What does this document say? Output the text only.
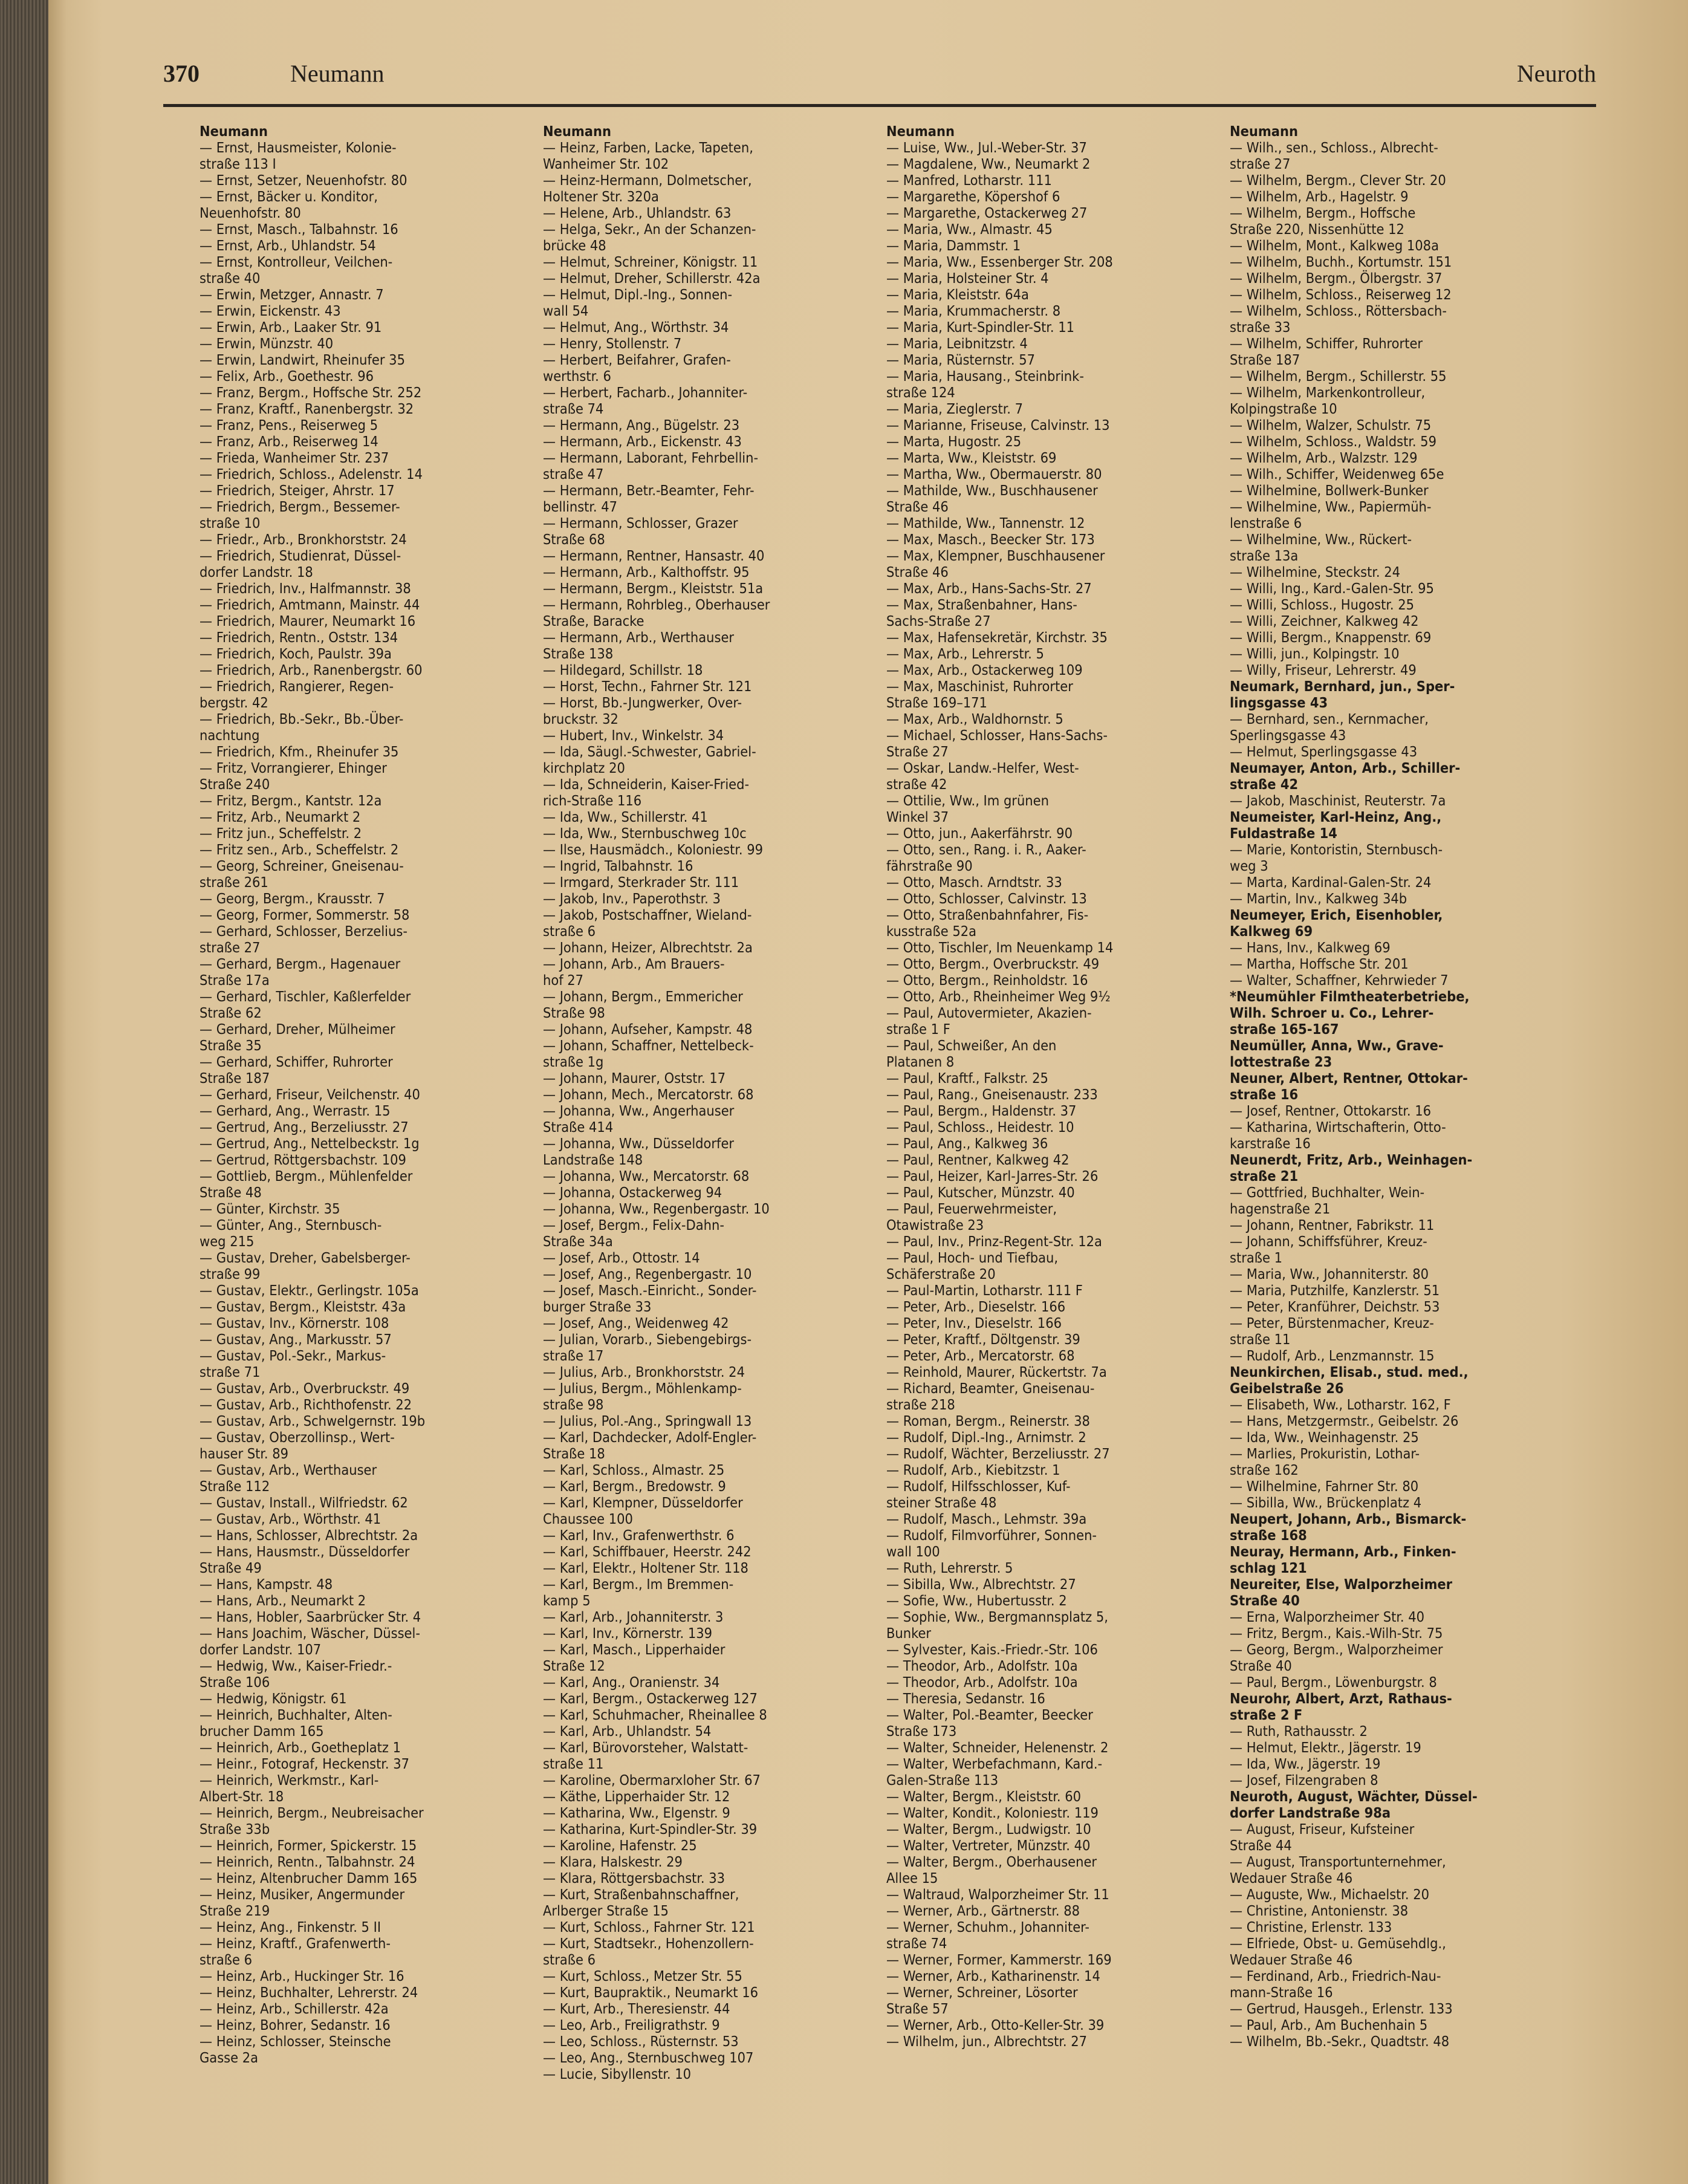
370	Neumann	Neuroth

Neumann

— Ernst, Hausmeister, Kolonie-
straße 113 I

— Ernst, Setzer, Neuenhofstr. 80

— Ernst, Bäcker u. Konditor,
Neuenhofstr. 80

— Ernst, Masch., Talbahnstr. 16

— Ernst, Arb., Uhlandstr. 54

— Ernst, Kontrolleur, Veilchen-
straße 40

— Erwin, Metzger, Annastr. 7

— Erwin, Eickenstr. 43

— Erwin, Arb., Laaker Str. 91

— Erwin, Münzstr. 40

— Erwin, Landwirt, Rheinufer 35

— Felix, Arb., Goethestr. 96

— Franz, Bergm., Hoffsche Str. 252

— Franz, Kraftf., Ranenbergstr. 32

— Franz, Pens., Reiserweg 5

— Franz, Arb., Reiserweg 14

— Frieda, Wanheimer Str. 237

— Friedrich, Schloss., Adelenstr. 14

— Friedrich, Steiger, Ahrstr. 17

— Friedrich, Bergm., Bessemer-
straße 10

— Friedr., Arb., Bronkhorststr. 24

— Friedrich, Studienrat, Düssel-
dorfer Landstr. 18

— Friedrich, Inv., Halfmannstr. 38

— Friedrich, Amtmann, Mainstr. 44

— Friedrich, Maurer, Neumarkt 16

— Friedrich, Rentn., Oststr. 134

— Friedrich, Koch, Paulstr. 39a

— Friedrich, Arb., Ranenbergstr. 60

— Friedrich, Rangierer, Regen-
bergstr. 42

— Friedrich, Bb.-Sekr., Bb.-Über-
nachtung

— Friedrich, Kfm., Rheinufer 35

— Fritz, Vorrangierer, Ehinger
Straße 240

— Fritz, Bergm., Kantstr. 12a

— Fritz, Arb., Neumarkt 2

— Fritz jun., Scheffelstr. 2

— Fritz sen., Arb., Scheffelstr. 2

— Georg, Schreiner, Gneisenau-
straße 261

— Georg, Bergm., Krausstr. 7

— Georg, Former, Sommerstr. 58

— Gerhard, Schlosser, Berzelius-
straße 27

— Gerhard, Bergm., Hagenauer
Straße 17a

— Gerhard, Tischler, Kaßlerfelder
Straße 62

— Gerhard, Dreher, Mülheimer
Straße 35

— Gerhard, Schiffer, Ruhrorter
Straße 187

— Gerhard, Friseur, Veilchenstr. 40

— Gerhard, Ang., Werrastr. 15

— Gertrud, Ang., Berzeliusstr. 27

— Gertrud, Ang., Nettelbeckstr. 1g

— Gertrud, Röttgersbachstr. 109

— Gottlieb, Bergm., Mühlenfelder
Straße 48

— Günter, Kirchstr. 35

— Günter, Ang., Sternbusch-
weg 215

— Gustav, Dreher, Gabelsberger-
straße 99

— Gustav, Elektr., Gerlingstr. 105a

— Gustav, Bergm., Kleiststr. 43a

— Gustav, Inv., Körnerstr. 108

— Gustav, Ang., Markusstr. 57

— Gustav, Pol.-Sekr., Markus-
straße 71

— Gustav, Arb., Overbruckstr. 49

— Gustav, Arb., Richthofenstr. 22

— Gustav, Arb., Schwelgernstr. 19b

— Gustav, Oberzollinsp., Wert-
hauser Str. 89

— Gustav, Arb., Werthauser
Straße 112

— Gustav, Install., Wilfriedstr. 62

— Gustav, Arb., Wörthstr. 41

— Hans, Schlosser, Albrechtstr. 2a

— Hans, Hausmstr., Düsseldorfer
Straße 49

— Hans, Kampstr. 48

— Hans, Arb., Neumarkt 2

— Hans, Hobler, Saarbrücker Str. 4

— Hans Joachim, Wäscher, Düssel-
dorfer Landstr. 107

— Hedwig, Ww., Kaiser-Friedr.-
Straße 106

— Hedwig, Königstr. 61

— Heinrich, Buchhalter, Alten-
brucher Damm 165

— Heinrich, Arb., Goetheplatz 1

— Heinr., Fotograf, Heckenstr. 37

— Heinrich, Werkmstr., Karl-
Albert-Str. 18

— Heinrich, Bergm., Neubreisacher
Straße 33b

— Heinrich, Former, Spickerstr. 15

— Heinrich, Rentn., Talbahnstr. 24

— Heinz, Altenbrucher Damm 165

— Heinz, Musiker, Angermunder
Straße 219

— Heinz, Ang., Finkenstr. 5 II

— Heinz, Kraftf., Grafenwerth-
straße 6

— Heinz, Arb., Huckinger Str. 16

— Heinz, Buchhalter, Lehrerstr. 24

— Heinz, Arb., Schillerstr. 42a

— Heinz, Bohrer, Sedanstr. 16

— Heinz, Schlosser, Steinsche
Gasse 2a

Neumann

— Heinz, Farben, Lacke, Tapeten,
Wanheimer Str. 102

— Heinz-Hermann, Dolmetscher,
Holtener Str. 320a

— Helene, Arb., Uhlandstr. 63

— Helga, Sekr., An der Schanzen-
brücke 48

— Helmut, Schreiner, Königstr. 11

— Helmut, Dreher, Schillerstr. 42a

— Helmut, Dipl.-Ing., Sonnen-
wall 54

— Helmut, Ang., Wörthstr. 34

— Henry, Stollenstr. 7

— Herbert, Beifahrer, Grafen-
werthstr. 6

— Herbert, Facharb., Johanniter-
straße 74

— Hermann, Ang., Bügelstr. 23

— Hermann, Arb., Eickenstr. 43

— Hermann, Laborant, Fehrbellin-
straße 47

— Hermann, Betr.-Beamter, Fehr-
bellinstr. 47

— Hermann, Schlosser, Grazer
Straße 68

— Hermann, Rentner, Hansastr. 40

— Hermann, Arb., Kalthoffstr. 95

— Hermann, Bergm., Kleiststr. 51a

— Hermann, Rohrbleg., Oberhauser
Straße, Baracke

— Hermann, Arb., Werthauser
Straße 138

— Hildegard, Schillstr. 18

— Horst, Techn., Fahrner Str. 121

— Horst, Bb.-Jungwerker, Over-
bruckstr. 32

— Hubert, Inv., Winkelstr. 34

— Ida, Säugl.-Schwester, Gabriel-
kirchplatz 20

— Ida, Schneiderin, Kaiser-Fried-
rich-Straße 116

— Ida, Ww., Schillerstr. 41

— Ida, Ww., Sternbuschweg 10c

— Ilse, Hausmädch., Koloniestr. 99

— Ingrid, Talbahnstr. 16

— Irmgard, Sterkrader Str. 111

— Jakob, Inv., Paperothstr. 3

— Jakob, Postschaffner, Wieland-
straße 6

— Johann, Heizer, Albrechtstr. 2a

— Johann, Arb., Am Brauers-
hof 27

— Johann, Bergm., Emmericher
Straße 98

— Johann, Aufseher, Kampstr. 48

— Johann, Schaffner, Nettelbeck-
straße 1g

— Johann, Maurer, Oststr. 17

— Johann, Mech., Mercatorstr. 68

— Johanna, Ww., Angerhauser
Straße 414

— Johanna, Ww., Düsseldorfer
Landstraße 148

— Johanna, Ww., Mercatorstr. 68

— Johanna, Ostackerweg 94

— Johanna, Ww., Regenbergastr. 10

— Josef, Bergm., Felix-Dahn-
Straße 34a

— Josef, Arb., Ottostr. 14

— Josef, Ang., Regenbergastr. 10

— Josef, Masch.-Einricht., Sonder-
burger Straße 33

— Josef, Ang., Weidenweg 42

— Julian, Vorarb., Siebengebirgs-
straße 17

— Julius, Arb., Bronkhorststr. 24

— Julius, Bergm., Möhlenkamp-
straße 98

— Julius, Pol.-Ang., Springwall 13

— Karl, Dachdecker, Adolf-Engler-
Straße 18

— Karl, Schloss., Almastr. 25

— Karl, Bergm., Bredowstr. 9

— Karl, Klempner, Düsseldorfer
Chaussee 100

— Karl, Inv., Grafenwerthstr. 6

— Karl, Schiffbauer, Heerstr. 242

— Karl, Elektr., Holtener Str. 118

— Karl, Bergm., Im Bremmen-
kamp 5

— Karl, Arb., Johanniterstr. 3

— Karl, Inv., Körnerstr. 139

— Karl, Masch., Lipperhaider
Straße 12

— Karl, Ang., Oranienstr. 34

— Karl, Bergm., Ostackerweg 127

— Karl, Schuhmacher, Rheinallee 8

— Karl, Arb., Uhlandstr. 54

— Karl, Bürovorsteher, Walstatt-
straße 11

— Karoline, Obermarxloher Str. 67

— Käthe, Lipperhaider Str. 12

— Katharina, Ww., Elgenstr. 9

— Katharina, Kurt-Spindler-Str. 39

— Karoline, Hafenstr. 25

— Klara, Halskestr. 29

— Klara, Röttgersbachstr. 33

— Kurt, Straßenbahnschaffner,
Arlberger Straße 15

— Kurt, Schloss., Fahrner Str. 121

— Kurt, Stadtsekr., Hohenzollern-
straße 6

— Kurt, Schloss., Metzer Str. 55

— Kurt, Baupraktik., Neumarkt 16

— Kurt, Arb., Theresienstr. 44

— Leo, Arb., Freiligrathstr. 9

— Leo, Schloss., Rüsternstr. 53

— Leo, Ang., Sternbuschweg 107

— Lucie, Sibyllenstr. 10

Neumann

— Luise, Ww., Jul.-Weber-Str. 37

— Magdalene, Ww., Neumarkt 2

— Manfred, Lotharstr. 111

— Margarethe, Köpershof 6

— Margarethe, Ostackerweg 27

— Maria, Ww., Almastr. 45

— Maria, Dammstr. 1

— Maria, Ww., Essenberger Str. 208

— Maria, Holsteiner Str. 4

— Maria, Kleiststr. 64a

— Maria, Krummacherstr. 8

— Maria, Kurt-Spindler-Str. 11

— Maria, Leibnitzstr. 4

— Maria, Rüsternstr. 57

— Maria, Hausang., Steinbrink-
straße 124

— Maria, Zieglerstr. 7

— Marianne, Friseuse, Calvinstr. 13

— Marta, Hugostr. 25

— Marta, Ww., Kleiststr. 69

— Martha, Ww., Obermauerstr. 80

— Mathilde, Ww., Buschhausener
Straße 46

— Mathilde, Ww., Tannenstr. 12

— Max, Masch., Beecker Str. 173

— Max, Klempner, Buschhausener
Straße 46

— Max, Arb., Hans-Sachs-Str. 27

— Max, Straßenbahner, Hans-
Sachs-Straße 27

— Max, Hafensekretär, Kirchstr. 35

— Max, Arb., Lehrerstr. 5

— Max, Arb., Ostackerweg 109

— Max, Maschinist, Ruhrorter
Straße 169–171

— Max, Arb., Waldhornstr. 5

— Michael, Schlosser, Hans-Sachs-
Straße 27

— Oskar, Landw.-Helfer, West-
straße 42

— Ottilie, Ww., Im grünen
Winkel 37

— Otto, jun., Aakerfährstr. 90

— Otto, sen., Rang. i. R., Aaker-
fährstraße 90

— Otto, Masch. Arndtstr. 33

— Otto, Schlosser, Calvinstr. 13

— Otto, Straßenbahnfahrer, Fis-
kusstraße 52a

— Otto, Tischler, Im Neuenkamp 14

— Otto, Bergm., Overbruckstr. 49

— Otto, Bergm., Reinholdstr. 16

— Otto, Arb., Rheinheimer Weg 9½

— Paul, Autovermieter, Akazien-
straße 1 F

— Paul, Schweißer, An den
Platanen 8

— Paul, Kraftf., Falkstr. 25

— Paul, Rang., Gneisenaustr. 233

— Paul, Bergm., Haldenstr. 37

— Paul, Schloss., Heidestr. 10

— Paul, Ang., Kalkweg 36

— Paul, Rentner, Kalkweg 42

— Paul, Heizer, Karl-Jarres-Str. 26

— Paul, Kutscher, Münzstr. 40

— Paul, Feuerwehrmeister,
Otawistraße 23

— Paul, Inv., Prinz-Regent-Str. 12a

— Paul, Hoch- und Tiefbau,
Schäferstraße 20

— Paul-Martin, Lotharstr. 111 F

— Peter, Arb., Dieselstr. 166

— Peter, Inv., Dieselstr. 166

— Peter, Kraftf., Döltgenstr. 39

— Peter, Arb., Mercatorstr. 68

— Reinhold, Maurer, Rückertstr. 7a

— Richard, Beamter, Gneisenau-
straße 218

— Roman, Bergm., Reinerstr. 38

— Rudolf, Dipl.-Ing., Arnimstr. 2

— Rudolf, Wächter, Berzeliusstr. 27

— Rudolf, Arb., Kiebitzstr. 1

— Rudolf, Hilfsschlosser, Kuf-
steiner Straße 48

— Rudolf, Masch., Lehmstr. 39a

— Rudolf, Filmvorführer, Sonnen-
wall 100

— Ruth, Lehrerstr. 5

— Sibilla, Ww., Albrechtstr. 27

— Sofie, Ww., Hubertusstr. 2

— Sophie, Ww., Bergmannsplatz 5,
Bunker

— Sylvester, Kais.-Friedr.-Str. 106

— Theodor, Arb., Adolfstr. 10a

— Theodor, Arb., Adolfstr. 10a

— Theresia, Sedanstr. 16

— Walter, Pol.-Beamter, Beecker
Straße 173

— Walter, Schneider, Helenenstr. 2

— Walter, Werbefachmann, Kard.-
Galen-Straße 113

— Walter, Bergm., Kleiststr. 60

— Walter, Kondit., Koloniestr. 119

— Walter, Bergm., Ludwigstr. 10

— Walter, Vertreter, Münzstr. 40

— Walter, Bergm., Oberhausener
Allee 15

— Waltraud, Walporzheimer Str. 11

— Werner, Arb., Gärtnerstr. 88

— Werner, Schuhm., Johanniter-
straße 74

— Werner, Former, Kammerstr. 169

— Werner, Arb., Katharinenstr. 14

— Werner, Schreiner, Lösorter
Straße 57

— Werner, Arb., Otto-Keller-Str. 39

— Wilhelm, jun., Albrechtstr. 27

Neumann

— Wilh., sen., Schloss., Albrecht-
straße 27

— Wilhelm, Bergm., Clever Str. 20

— Wilhelm, Arb., Hagelstr. 9

— Wilhelm, Bergm., Hoffsche
Straße 220, Nissenhütte 12

— Wilhelm, Mont., Kalkweg 108a

— Wilhelm, Buchh., Kortumstr. 151

— Wilhelm, Bergm., Ölbergstr. 37

— Wilhelm, Schloss., Reiserweg 12

— Wilhelm, Schloss., Röttersbach-
straße 33

— Wilhelm, Schiffer, Ruhrorter
Straße 187

— Wilhelm, Bergm., Schillerstr. 55

— Wilhelm, Markenkontrolleur,
Kolpingstraße 10

— Wilhelm, Walzer, Schulstr. 75

— Wilhelm, Schloss., Waldstr. 59

— Wilhelm, Arb., Walzstr. 129

— Wilh., Schiffer, Weidenweg 65e

— Wilhelmine, Bollwerk-Bunker

— Wilhelmine, Ww., Papiermüh-
lenstraße 6

— Wilhelmine, Ww., Rückert-
straße 13a

— Wilhelmine, Steckstr. 24

— Willi, Ing., Kard.-Galen-Str. 95

— Willi, Schloss., Hugostr. 25

— Willi, Zeichner, Kalkweg 42

— Willi, Bergm., Knappenstr. 69

— Willi, jun., Kolpingstr. 10

— Willy, Friseur, Lehrerstr. 49

Neumark, Bernhard, jun., Sper-
lingsgasse 43

— Bernhard, sen., Kernmacher,
Sperlingsgasse 43

— Helmut, Sperlingsgasse 43

Neumayer, Anton, Arb., Schiller-
straße 42

— Jakob, Maschinist, Reuterstr. 7a

Neumeister, Karl-Heinz, Ang.,
Fuldastraße 14

— Marie, Kontoristin, Sternbusch-
weg 3

— Marta, Kardinal-Galen-Str. 24

— Martin, Inv., Kalkweg 34b

Neumeyer, Erich, Eisenhobler,
Kalkweg 69

— Hans, Inv., Kalkweg 69

— Martha, Hoffsche Str. 201

— Walter, Schaffner, Kehrwieder 7

*Neumühler Filmtheaterbetriebe,
Wilh. Schroer u. Co., Lehrer-
straße 165-167

Neumüller, Anna, Ww., Grave-
lottestraße 23

Neuner, Albert, Rentner, Ottokar-
straße 16

— Josef, Rentner, Ottokarstr. 16

— Katharina, Wirtschafterin, Otto-
karstraße 16

Neunerdt, Fritz, Arb., Weinhagen-
straße 21

— Gottfried, Buchhalter, Wein-
hagenstraße 21

— Johann, Rentner, Fabrikstr. 11

— Johann, Schiffsführer, Kreuz-
straße 1

— Maria, Ww., Johanniterstr. 80

— Maria, Putzhilfe, Kanzlerstr. 51

— Peter, Kranführer, Deichstr. 53

— Peter, Bürstenmacher, Kreuz-
straße 11

— Rudolf, Arb., Lenzmannstr. 15

Neunkirchen, Elisab., stud. med.,
Geibelstraße 26

— Elisabeth, Ww., Lotharstr. 162, F

— Hans, Metzgermstr., Geibelstr. 26

— Ida, Ww., Weinhagenstr. 25

— Marlies, Prokuristin, Lothar-
straße 162

— Wilhelmine, Fahrner Str. 80

— Sibilla, Ww., Brückenplatz 4

Neupert, Johann, Arb., Bismarck-
straße 168

Neuray, Hermann, Arb., Finken-
schlag 121

Neureiter, Else, Walporzheimer
Straße 40

— Erna, Walporzheimer Str. 40

— Fritz, Bergm., Kais.-Wilh-Str. 75

— Georg, Bergm., Walporzheimer
Straße 40

— Paul, Bergm., Löwenburgstr. 8

Neurohr, Albert, Arzt, Rathaus-
straße 2 F

— Ruth, Rathausstr. 2

— Helmut, Elektr., Jägerstr. 19

— Ida, Ww., Jägerstr. 19

— Josef, Filzengraben 8

Neuroth, August, Wächter, Düssel-
dorfer Landstraße 98a

— August, Friseur, Kufsteiner
Straße 44

— August, Transportunternehmer,
Wedauer Straße 46

— Auguste, Ww., Michaelstr. 20

— Christine, Antonienstr. 38

— Christine, Erlenstr. 133

— Elfriede, Obst- u. Gemüsehdlg.,
Wedauer Straße 46

— Ferdinand, Arb., Friedrich-Nau-
mann-Straße 16

— Gertrud, Hausgeh., Erlenstr. 133

— Paul, Arb., Am Buchenhain 5

— Wilhelm, Bb.-Sekr., Quadtstr. 48
